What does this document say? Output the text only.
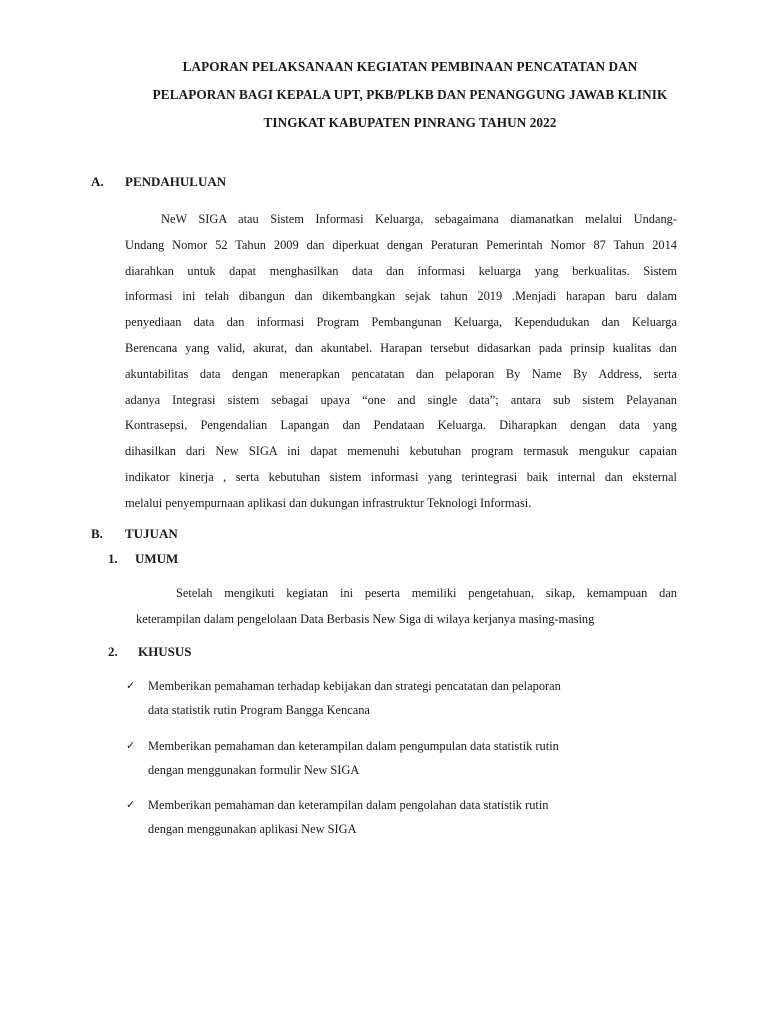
LAPORAN PELAKSANAAN KEGIATAN PEMBINAAN PENCATATAN DAN
PELAPORAN BAGI KEPALA UPT, PKB/PLKB DAN PENANGGUNG JAWAB KLINIK
TINGKAT KABUPATEN PINRANG TAHUN 2022
A. PENDAHULUAN
NeW SIGA atau Sistem Informasi Keluarga, sebagaimana diamanatkan melalui Undang-
Undang Nomor 52 Tahun 2009 dan diperkuat dengan Peraturan Pemerintah Nomor 87 Tahun 2014
diarahkan untuk dapat menghasilkan data dan informasi keluarga yang berkualitas. Sistem
informasi ini telah dibangun dan dikembangkan sejak tahun 2019 .Menjadi harapan baru dalam
penyediaan data dan informasi Program Pembangunan Keluarga, Kependudukan dan Keluarga
Berencana yang valid, akurat, dan akuntabel. Harapan tersebut didasarkan pada prinsip kualitas dan
akuntabilitas data dengan menerapkan pencatatan dan pelaporan By Name By Address, serta
adanya Integrasi sistem sebagai upaya “one and single data”; antara sub sistem Pelayanan
Kontrasepsi, Pengendalian Lapangan dan Pendataan Keluarga. Diharapkan dengan data yang
dihasilkan dari New SIGA ini dapat memenuhi kebutuhan program termasuk mengukur capaian
indikator kinerja , serta kebutuhan sistem informasi yang terintegrasi baik internal dan eksternal
melalui penyempurnaan aplikasi dan dukungan infrastruktur Teknologi Informasi.
B. TUJUAN
1. UMUM
Setelah mengikuti kegiatan ini peserta memiliki pengetahuan, sikap, kemampuan dan
keterampilan dalam pengelolaan Data Berbasis New Siga di wilaya kerjanya masing-masing
2. KHUSUS
✓ Memberikan pemahaman terhadap kebijakan dan strategi pencatatan dan pelaporan
data statistik rutin Program Bangga Kencana
✓ Memberikan pemahaman dan keterampilan dalam pengumpulan data statistik rutin
dengan menggunakan formulir New SIGA
✓ Memberikan pemahaman dan keterampilan dalam pengolahan data statistik rutin
dengan menggunakan aplikasi New SIGA
